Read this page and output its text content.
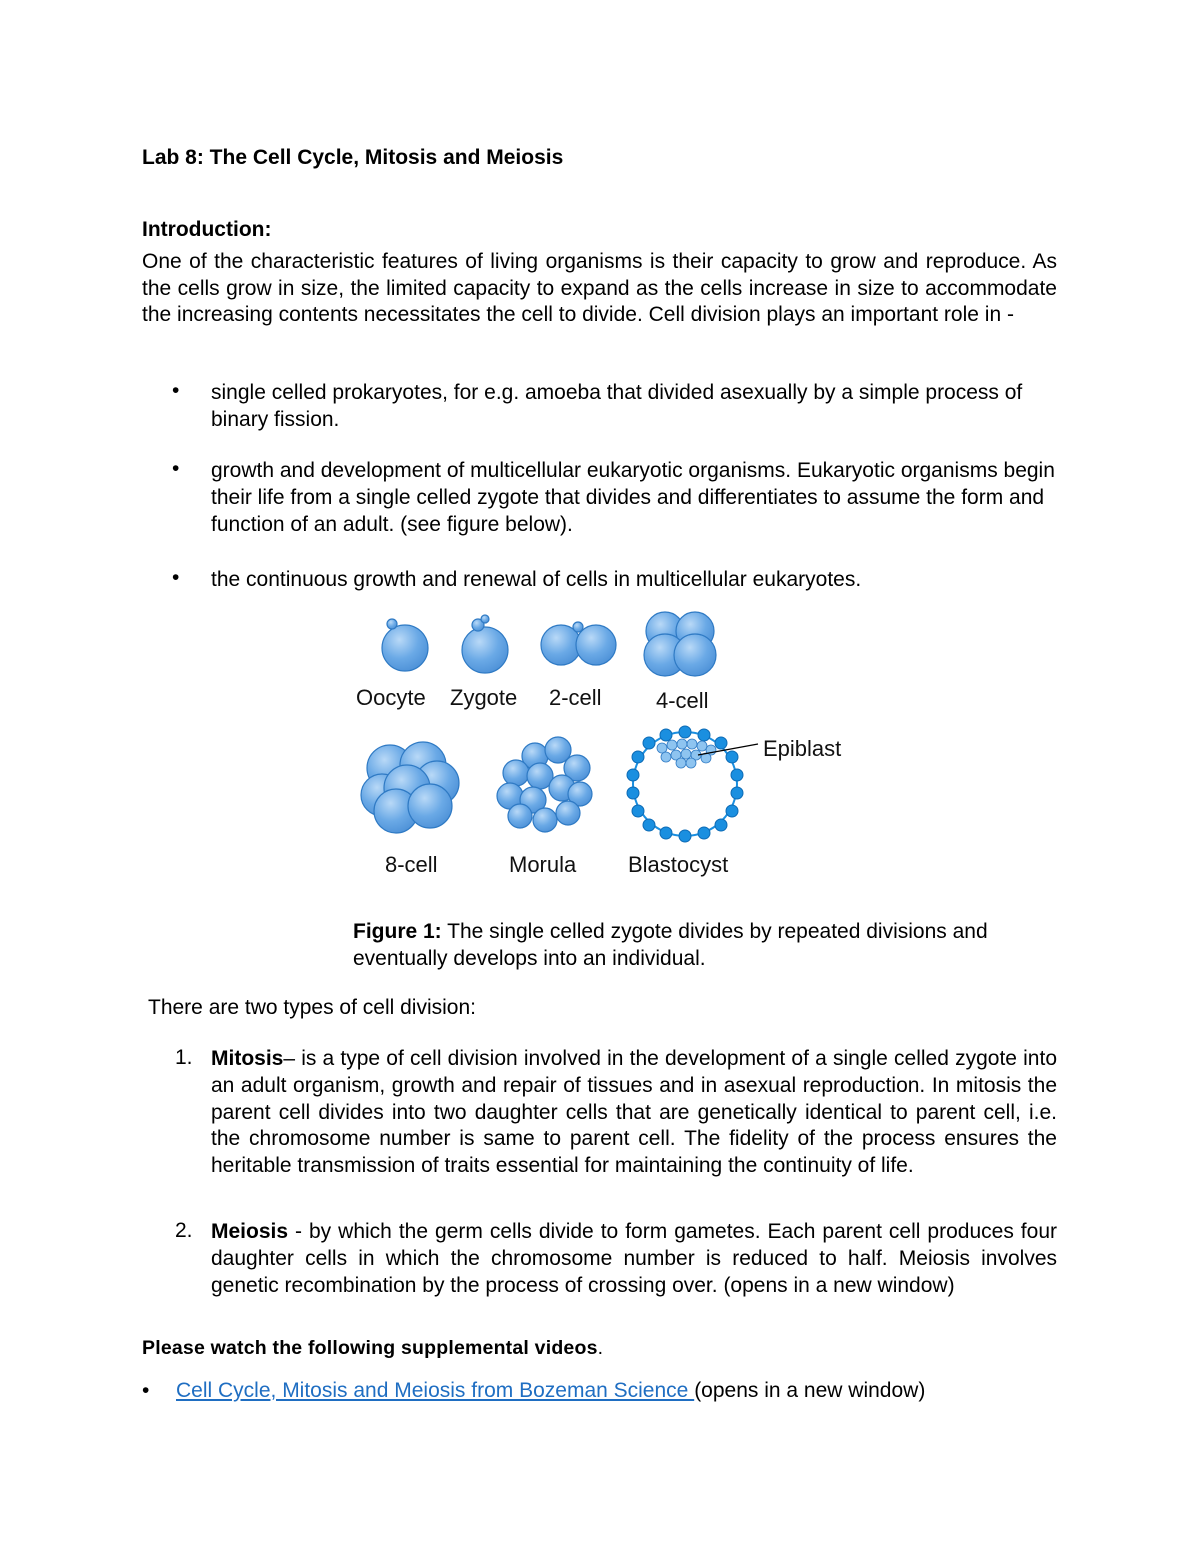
Lab 8: The Cell Cycle, Mitosis and Meiosis
Introduction:

One of the characteristic features of living organisms is their capacity to grow and reproduce. As the cells grow in size, the limited capacity to expand as the cells increase in size to accommodate the increasing contents necessitates the cell to divide. Cell division plays an important role in -

• single celled prokaryotes, for e.g. amoeba that divided asexually by a simple process of binary fission.
• growth and development of multicellular eukaryotic organisms. Eukaryotic organisms begin their life from a single celled zygote that divides and differentiates to assume the form and function of an adult. (see figure below).
• the continuous growth and renewal of cells in multicellular eukaryotes.
Oocyte Zygote 2-cell 4-cell
8-cell	Morula Blastocyst
Epiblast
Figure 1: The single celled zygote divides by repeated divisions and eventually develops into an individual.
There are two types of cell division:
1. Mitosis– is a type of cell division involved in the development of a single celled zygote into an adult organism, growth and repair of tissues and in asexual reproduction. In mitosis the parent cell divides into two daughter cells that are genetically identical to parent cell, i.e. the chromosome number is same to parent cell. The fidelity of the process ensures the heritable transmission of traits essential for maintaining the continuity of life.
2. Meiosis - by which the germ cells divide to form gametes. Each parent cell produces four daughter cells in which the chromosome number is reduced to half. Meiosis involves genetic recombination by the process of crossing over. (opens in a new window)
Please watch the following supplemental videos.
• Cell Cycle, Mitosis and Meiosis from Bozeman Science (opens in a new window)
